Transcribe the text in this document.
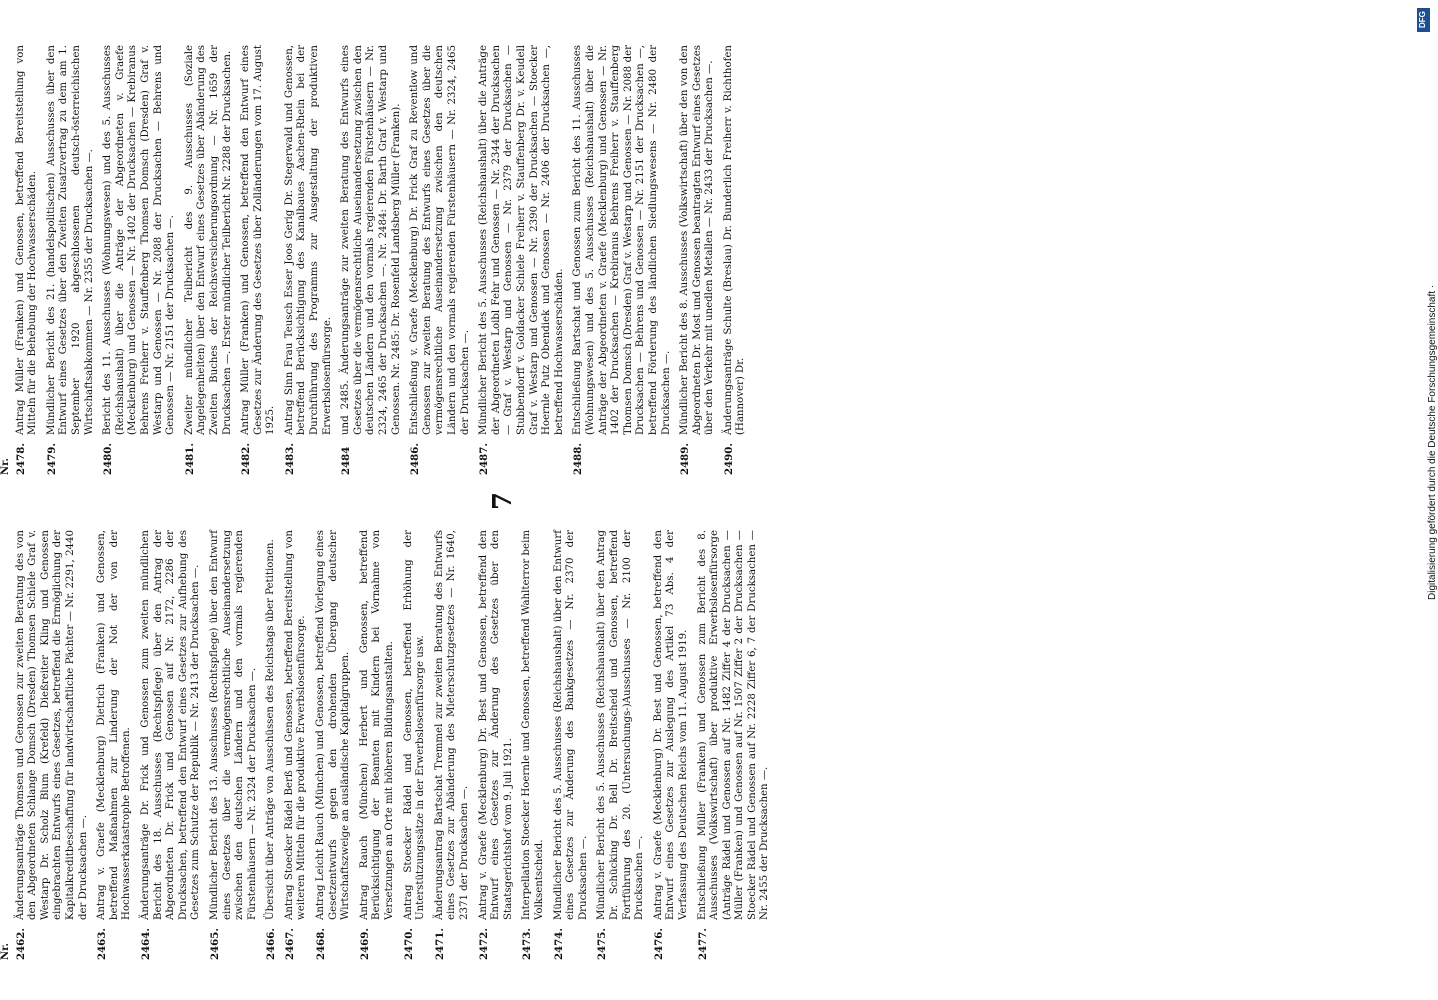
7
Nr. 2462.
Änderungsanträge Thomsen und Genossen zur zweiten Beratung des von den Abgeordneten Schlange Domsch (Dresden) Thomsen Schiele Graf v. Westarp Dr. Scholz Blum (Krefeld) Dießreiter Kling und Genossen eingebrachten Entwurfs eines Gesetzes, betreffend die Ermöglichung der Kapitalkreditbeschaffung für landwirtschaftliche Pächter — Nr. 2291, 2440 der Drucksachen —.
2463.
Antrag v. Graefe (Mecklenburg) Dietrich (Franken) und Genossen, betreffend Maßnahmen zur Linderung der Not der von der Hochwasserkatastrophe Betroffenen.
2464.
Änderungsanträge Dr. Frick und Genossen zum zweiten mündlichen Bericht des 18. Ausschusses (Rechtspflege) über den Antrag der Abgeordneten Dr. Frick und Genossen auf Nr. 2172, 2286 der Drucksachen, betreffend den Entwurf eines Gesetzes zur Aufhebung des Gesetzes zum Schutze der Republik — Nr. 2413 der Drucksachen —.
2465.
Mündlicher Bericht des 13. Ausschusses (Rechtspflege) über den Entwurf eines Gesetzes über die vermögensrechtliche Auseinandersetzung zwischen den deutschen Ländern und den vormals regierenden Fürstenhäusern — Nr. 2324 der Drucksachen —.
2466.
Übersicht über Anträge von Ausschüssen des Reichstags über Petitionen.
2467.
Antrag Stoecker Rädel Berß und Genossen, betreffend Bereitstellung von weiteren Mitteln für die produktive Erwerbslosenfürsorge.
2468.
Antrag Leicht Rauch (München) und Genossen, betreffend Vorlegung eines Gesetzentwurfs gegen den drohenden Übergang deutscher Wirtschaftszweige an ausländische Kapitalgruppen.
2469.
Antrag Rauch (München) Herbert und Genossen, betreffend Berücksichtigung der Beamten mit Kindern bei Vornahme von Versetzungen an Orte mit höheren Bildungsanstalten.
2470.
Antrag Stoecker Rädel und Genossen, betreffend Erhöhung der Unterstützungssätze in der Erwerbslosenfürsorge usw.
2471.
Änderungsantrag Bartschat Tremmel zur zweiten Beratung des Entwurfs eines Gesetzes zur Abänderung des Mieterschutzgesetzes — Nr. 1640, 2371 der Drucksachen —.
2472.
Antrag v. Graefe (Mecklenburg) Dr. Best und Genossen, betreffend den Entwurf eines Gesetzes zur Änderung des Gesetzes über den Staatsgerichtshof vom 9. Juli 1921.
2473.
Interpellation Stoecker Hoernle und Genossen, betreffend Wahlterror beim Volksentscheid.
2474.
Mündlicher Bericht des 5. Ausschusses (Reichshaushalt) über den Entwurf eines Gesetzes zur Änderung des Bankgesetzes — Nr. 2370 der Drucksachen —.
2475.
Mündlicher Bericht des 5. Ausschusses (Reichshaushalt) über den Antrag Dr. Schücking Dr. Bell Dr. Breitscheid und Genossen, betreffend Fortführung des 20. (Untersuchungs-)Ausschusses — Nr. 2100 der Drucksachen —.
2476.
Antrag v. Graefe (Mecklenburg) Dr. Best und Genossen, betreffend den Entwurf eines Gesetzes zur Auslegung des Artikel 73 Abs. 4 der Verfassung des Deutschen Reichs vom 11. August 1919.
2477.
Entschließung Müller (Franken) und Genossen zum Bericht des 8. Ausschusses (Volkswirtschaft) über produktive Erwerbslosenfürsorge (Anträge Rädel und Genossen auf Nr. 1482 Ziffer 4 der Drucksachen — Müller (Franken) und Genossen auf Nr. 1507 Ziffer 2 der Drucksachen — Stoecker Rädel und Genossen auf Nr. 2228 Ziffer 6, 7 der Drucksachen — Nr. 2455 der Drucksachen —.
Nr. 2478.
Antrag Müller (Franken) und Genossen, betreffend Bereitstellung von Mitteln für die Behebung der Hochwasserschäden.
2479.
Mündlicher Bericht des 21. (handelspolitischen) Ausschusses über den Entwurf eines Gesetzes über den Zweiten Zusatzvertrag zu dem am 1. September 1920 abgeschlossenen deutsch-österreichischen Wirtschaftsabkommen — Nr. 2355 der Drucksachen —.
2480.
Bericht des 11. Ausschusses (Wohnungswesen) und des 5. Ausschusses (Reichshaushalt) über die Anträge der Abgeordneten v. Graefe (Mecklenburg) und Genossen — Nr. 1402 der Drucksachen — Krebiranus Behrens Freiherr v. Stauffenberg Thomsen Domsch (Dresden) Graf v. Westarp und Genossen — Nr. 2088 der Drucksachen — Behrens und Genossen — Nr. 2151 der Drucksachen —.
2481.
Zweiter mündlicher Teilbericht des 9. Ausschusses (Soziale Angelegenheiten) über den Entwurf eines Gesetzes über Abänderung des Zweiten Buches der Reichsversicherungsordnung — Nr. 1659 der Drucksachen —. Erster mündlicher Teilbericht Nr. 2288 der Drucksachen.
2482.
Antrag Müller (Franken) und Genossen, betreffend den Entwurf eines Gesetzes zur Änderung des Gesetzes über Zolländerungen vom 17. August 1925.
2483.
Antrag Sinn Frau Teusch Esser Joos Gerig Dr. Stegerwald und Genossen, betreffend Berücksichtigung des Kanalbaues Aachen-Rhein bei der Durchführung des Programms zur Ausgestaltung der produktiven Erwerbslosenfürsorge.
2484
und 2485. Änderungsanträge zur zweiten Beratung des Entwurfs eines Gesetzes über die vermögensrechtliche Auseinandersetzung zwischen den deutschen Ländern und den vormals regierenden Fürstenhäusern — Nr. 2324, 2465 der Drucksachen —. Nr. 2484: Dr. Barth Graf v. Westarp und Genossen. Nr. 2485: Dr. Rosenfeld Landsberg Müller (Franken).
2486.
Entschließung v. Graefe (Mecklenburg) Dr. Frick Graf zu Reventlow und Genossen zur zweiten Beratung des Entwurfs eines Gesetzes über die vermögensrechtliche Auseinandersetzung zwischen den deutschen Ländern und den vormals regierenden Fürstenhäusern — Nr. 2324, 2465 der Drucksachen —.
2487.
Mündlicher Bericht des 5. Ausschusses (Reichshaushalt) über die Anträge der Abgeordneten Loibl Fehr und Genossen — Nr. 2344 der Drucksachen — Graf v. Westarp und Genossen — Nr. 2379 der Drucksachen — Stubbendorff v. Goldacker Schiele Freiherr v. Stauffenberg Dr. v. Keudell Graf v. Westarp und Genossen — Nr. 2390 der Drucksachen — Stoecker Hoernle Putz Obendiek und Genossen — Nr. 2406 der Drucksachen —, betreffend Hochwasserschäden.
2488.
Entschließung Bartschat und Genossen zum Bericht des 11. Ausschusses (Wohnungswesen) und des 5. Ausschusses (Reichshaushalt) über die Anträge der Abgeordneten v. Graefe (Mecklenburg) und Genossen — Nr. 1402 der Drucksachen — Krebiranus Behrens Freiherr v. Stauffenberg Thomsen Domsch (Dresden) Graf v. Westarp und Genossen — Nr. 2088 der Drucksachen — Behrens und Genossen — Nr. 2151 der Drucksachen —, betreffend Förderung des ländlichen Siedlungswesens — Nr. 2480 der Drucksachen —.
2489.
Mündlicher Bericht des 8. Ausschusses (Volkswirtschaft) über den von den Abgeordneten Dr. Most und Genossen beantragten Entwurf eines Gesetzes über den Verkehr mit unedlen Metallen — Nr. 2433 der Drucksachen —.
2490.
Änderungsanträge Schulte (Breslau) Dr. Bunderlich Freiherr v. Richthofen (Hannover) Dr.
DFG
Digitalisierung gefördert durch die Deutsche Forschungsgemeinschaft ·
